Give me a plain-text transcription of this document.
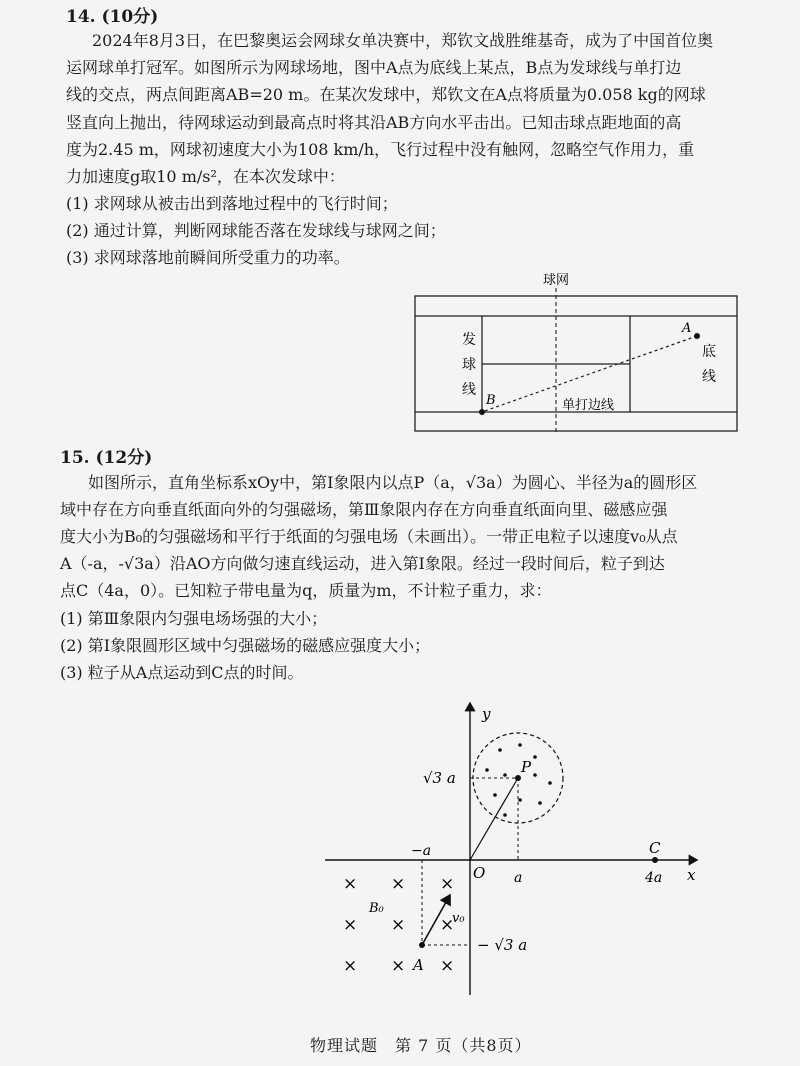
14. (10分)
2024年8月3日，在巴黎奥运会网球女单决赛中，郑钦文战胜维基奇，成为了中国首位奥
运网球单打冠军。如图所示为网球场地，图中A点为底线上某点，B点为发球线与单打边
线的交点，两点间距离AB=20 m。在某次发球中，郑钦文在A点将质量为0.058 kg的网球
竖直向上抛出，待网球运动到最高点时将其沿AB方向水平击出。已知击球点距地面的高
度为2.45 m，网球初速度大小为108 km/h，飞行过程中没有触网，忽略空气作用力，重
力加速度g取10 m/s²，在本次发球中：
(1) 求网球从被击出到落地过程中的飞行时间；
(2) 通过计算，判断网球能否落在发球线与球网之间；
(3) 求网球落地前瞬间所受重力的功率。
球网
A
B
发
球
线
底
线
单打边线
15. (12分)
如图所示，直角坐标系xOy中，第Ⅰ象限内以点P（a，√3a）为圆心、半径为a的圆形区
域中存在方向垂直纸面向外的匀强磁场，第Ⅲ象限内存在方向垂直纸面向里、磁感应强
度大小为B₀的匀强磁场和平行于纸面的匀强电场（未画出）。一带正电粒子以速度v₀从点
A（-a，-√3a）沿AO方向做匀速直线运动，进入第Ⅰ象限。经过一段时间后，粒子到达
点C（4a，0）。已知粒子带电量为q，质量为m，不计粒子重力，求：
(1) 第Ⅲ象限内匀强电场场强的大小；
(2) 第Ⅰ象限圆形区域中匀强磁场的磁感应强度大小；
(3) 粒子从A点运动到C点的时间。
y
x
O
P
√3 a
a
C
4a
−a
− √3 a
A
v₀
B₀
× × ×
× × ×
× × ×
物理试题　第 7 页（共8页）
